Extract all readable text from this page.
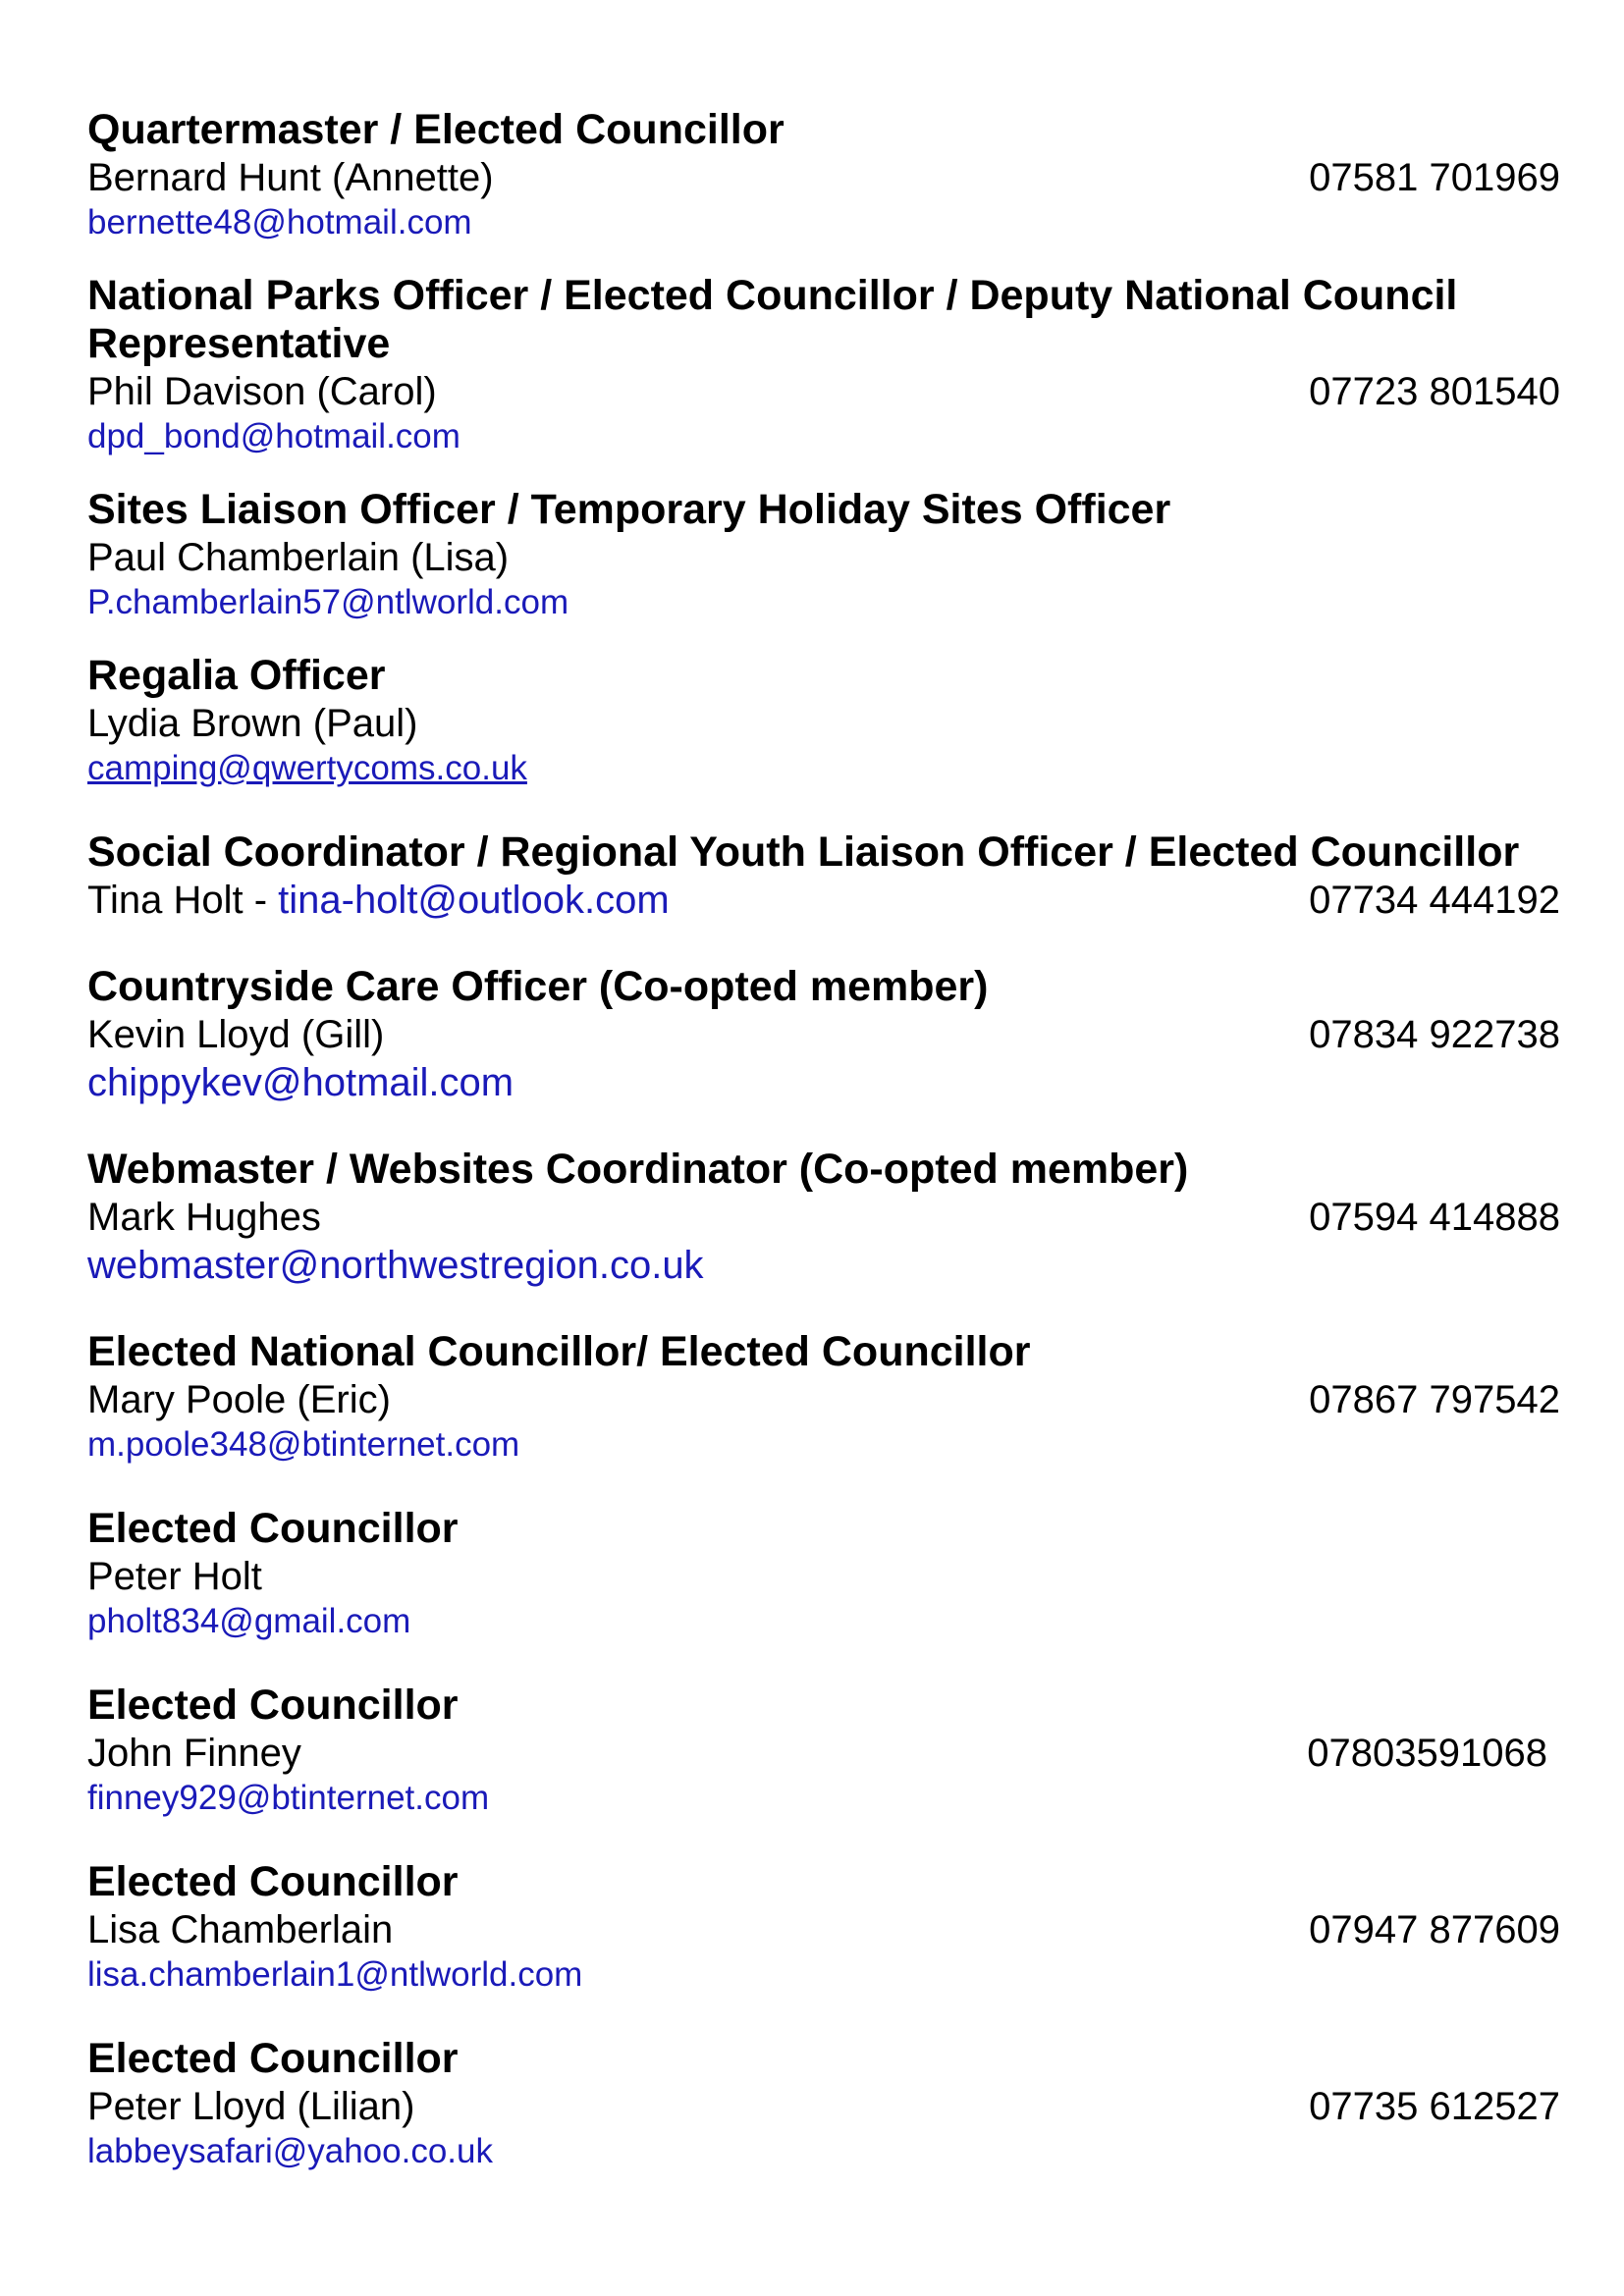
Quartermaster / Elected Councillor
Bernard Hunt (Annette)	07581 701969
bernette48@hotmail.com
National Parks Officer / Elected Councillor / Deputy National Council Representative
Phil Davison (Carol)	07723 801540
dpd_bond@hotmail.com
Sites Liaison Officer / Temporary Holiday Sites Officer
Paul Chamberlain (Lisa)
P.chamberlain57@ntlworld.com
Regalia Officer
Lydia Brown (Paul)
camping@qwertycoms.co.uk
Social Coordinator / Regional Youth Liaison Officer / Elected Councillor
Tina Holt - tina-holt@outlook.com	07734 444192
Countryside Care Officer (Co-opted member)
Kevin Lloyd (Gill)	07834 922738
chippykev@hotmail.com
Webmaster / Websites Coordinator (Co-opted member)
Mark Hughes	07594 414888
webmaster@northwestregion.co.uk
Elected National Councillor/ Elected Councillor
Mary Poole (Eric)	07867 797542
m.poole348@btinternet.com
Elected Councillor
Peter Holt
pholt834@gmail.com
Elected Councillor
John Finney	07803591068
finney929@btinternet.com
Elected Councillor
Lisa Chamberlain	07947 877609
lisa.chamberlain1@ntlworld.com
Elected Councillor
Peter Lloyd (Lilian)	07735 612527
labbeysafari@yahoo.co.uk
